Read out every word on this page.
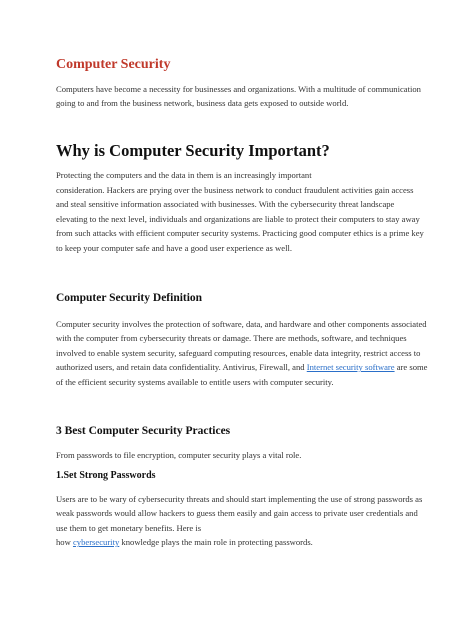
Computer Security

Computers have become a necessity for businesses and organizations. With a multitude of communication going to and from the business network, business data gets exposed to outside world.

Why is Computer Security Important?

Protecting the computers and the data in them is an increasingly important

consideration. Hackers are prying over the business network to conduct fraudulent activities gain access and steal sensitive information associated with businesses. With the cybersecurity threat landscape elevating to the next level, individuals and organizations are liable to protect their computers to stay away from such attacks with efficient computer security systems. Practicing good computer ethics is a prime key to keep your computer safe and have a good user experience as well.

Computer Security Definition

Computer security involves the protection of software, data, and hardware and other components associated with the computer from cybersecurity threats or damage. There are methods, software, and techniques involved to enable system security, safeguard computing resources, enable data integrity, restrict access to authorized users, and retain data confidentiality. Antivirus, Firewall, and Internet security software are some of the efficient security systems available to entitle users with computer security.

3 Best Computer Security Practices

From passwords to file encryption, computer security plays a vital role.

1.Set Strong Passwords

Users are to be wary of cybersecurity threats and should start implementing the use of strong passwords as weak passwords would allow hackers to guess them easily and gain access to private user credentials and use them to get monetary benefits. Here is
how cybersecurity knowledge plays the main role in protecting passwords.
